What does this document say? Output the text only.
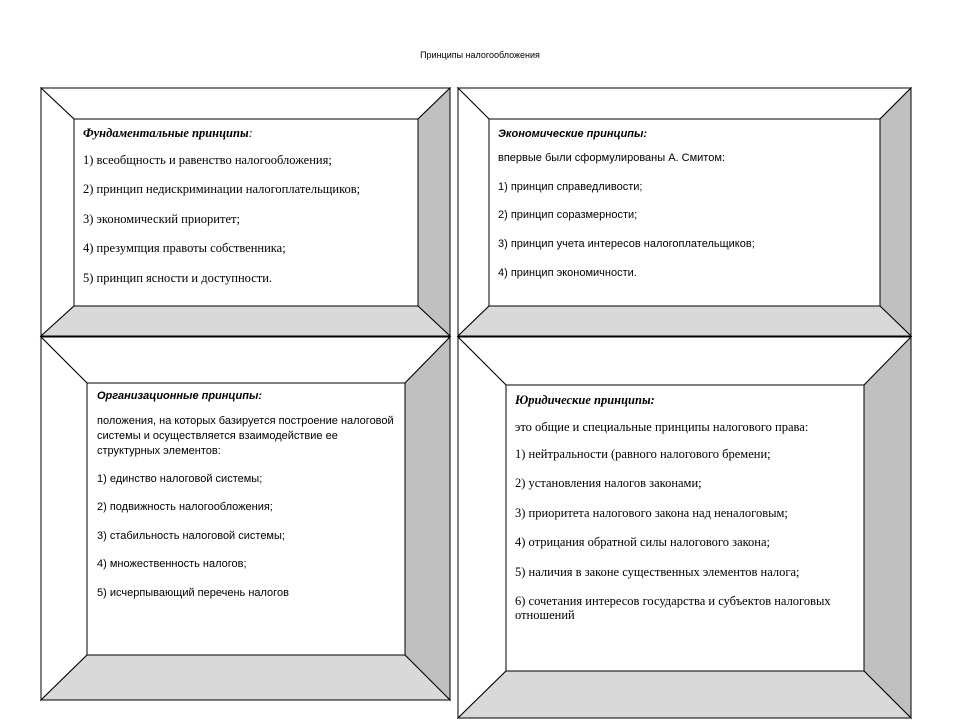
Принципы налогообложения

Фундаментальные принципы:

1) всеобщность и равенство налогообложения;

2) принцип недискриминации налогоплательщиков;

3) экономический приоритет;

4) презумпция правоты собственника;

5) принцип ясности и доступности.

Экономические принципы:

впервые были сформулированы А. Смитом:

1) принцип справедливости;

2) принцип соразмерности;

3) принцип учета интересов налогоплательщиков;

4) принцип экономичности.

Организационные принципы:

положения, на которых базируется построение налоговой системы и осуществляется взаимодействие ее структурных элементов:

1) единство налоговой системы;

2) подвижность налогообложения;

3) стабильность налоговой системы;

4) множественность налогов;

5) исчерпывающий перечень налогов

Юридические принципы:

это общие и специальные принципы налогового права:

1) нейтральности (равного налогового бремени;

2) установления налогов законами;

3) приоритета налогового закона над неналоговым;

4) отрицания обратной силы налогового закона;

5) наличия в законе существенных элементов налога;

6) сочетания интересов государства и субъектов налоговых отношений
